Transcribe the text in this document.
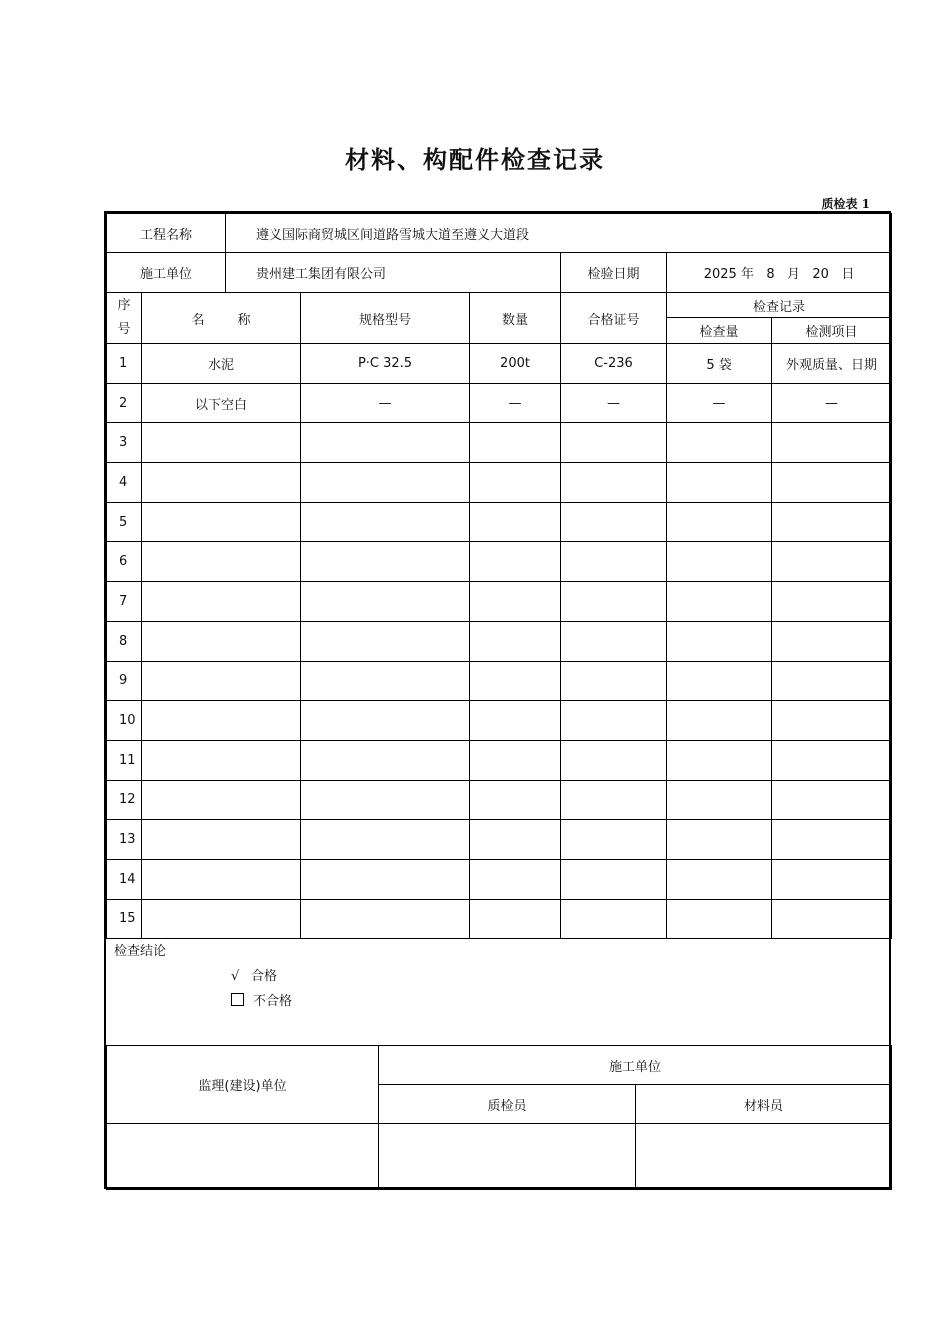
材料、构配件检查记录
质检表 1
工程名称		遵义国际商贸城区间道路雪城大道至遵义大道段					
施工单位		贵州建工集团有限公司			检验日期	2025 年   8   月   20   日	

序号	名        称		规格型号	数量	合格证号	检查记录	
						检查量	检测项目
1	水泥		P·C 32.5	200t	C-236	5 袋	外观质量、日期
2	以下空白		—	—	—	—	—
3							
4							
5							
6							
7							
8							
9							
10							
11							
12							
13							
14							
15							
检查结论
√ 合格
不合格
监理(建设)单位	施工单位	
	质检员	材料员
